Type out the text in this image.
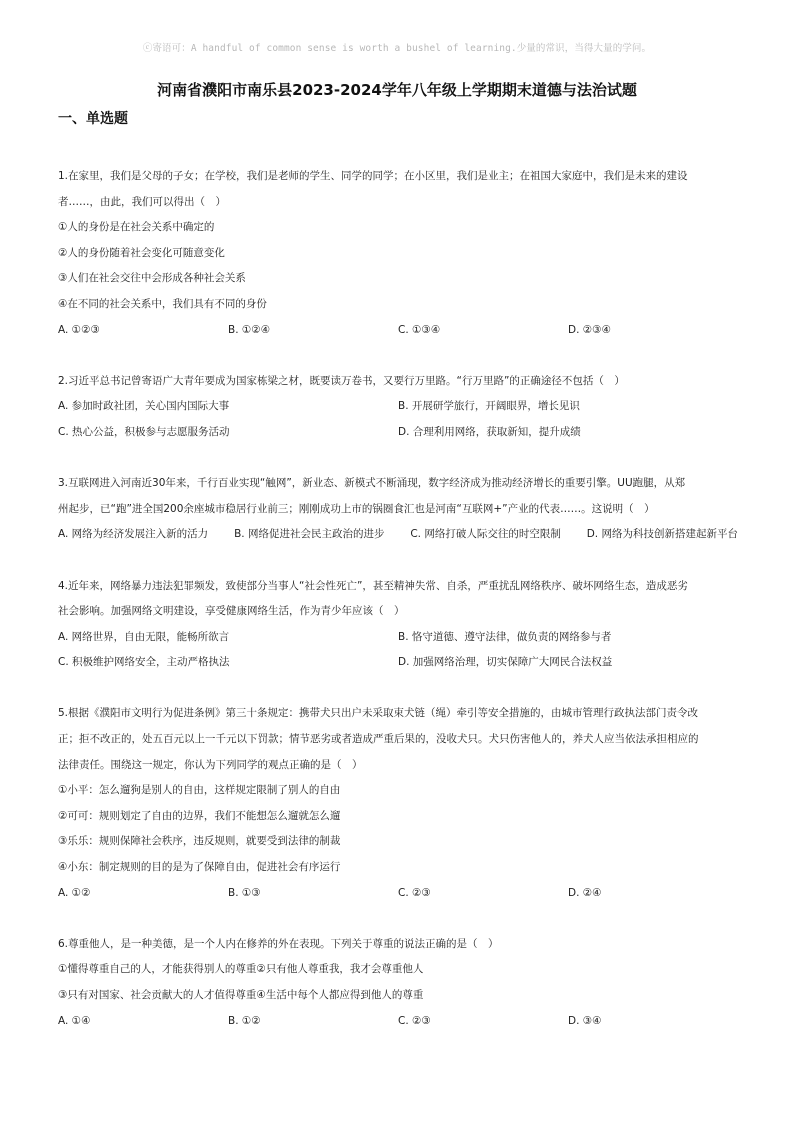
ⓒ寄语可：A handful of common sense is worth a bushel of learning.少量的常识，当得大量的学问。
河南省濮阳市南乐县2023-2024学年八年级上学期期末道德与法治试题
一、单选题

1.在家里，我们是父母的子女；在学校，我们是老师的学生、同学的同学；在小区里，我们是业主；在祖国大家庭中，我们是未来的建设

者……，由此，我们可以得出（　）

①人的身份是在社会关系中确定的

②人的身份随着社会变化可随意变化

③人们在社会交往中会形成各种社会关系

④在不同的社会关系中，我们具有不同的身份

A. ①②③	B. ①②④	C. ①③④	D. ②③④

2.习近平总书记曾寄语广大青年要成为国家栋梁之材，既要读万卷书，又要行万里路。“行万里路”的正确途径不包括（　）

A. 参加时政社团，关心国内国际大事	B. 开展研学旅行，开阔眼界，增长见识
C. 热心公益，积极参与志愿服务活动	D. 合理利用网络，获取新知，提升成绩

3.互联网进入河南近30年来，千行百业实现“触网”，新业态、新模式不断涌现，数字经济成为推动经济增长的重要引擎。UU跑腿，从郑

州起步，已“跑”进全国200余座城市稳居行业前三；刚刚成功上市的锅圈食汇也是河南“互联网+”产业的代表……。这说明（　）

A. 网络为经济发展注入新的活力 B. 网络促进社会民主政治的进步 C. 网络打破人际交往的时空限制 D. 网络为科技创新搭建起新平台

4.近年来，网络暴力违法犯罪频发，致使部分当事人“社会性死亡”，甚至精神失常、自杀，严重扰乱网络秩序、破坏网络生态，造成恶劣

社会影响。加强网络文明建设，享受健康网络生活，作为青少年应该（　）

A. 网络世界，自由无限，能畅所欲言	B. 恪守道德、遵守法律，做负责的网络参与者
C. 积极维护网络安全，主动严格执法	D. 加强网络治理，切实保障广大网民合法权益

5.根据《濮阳市文明行为促进条例》第三十条规定：携带犬只出户未采取束犬链（绳）牵引等安全措施的，由城市管理行政执法部门责令改

正；拒不改正的，处五百元以上一千元以下罚款；情节恶劣或者造成严重后果的，没收犬只。犬只伤害他人的，养犬人应当依法承担相应的

法律责任。围绕这一规定，你认为下列同学的观点正确的是（　）

①小平：怎么遛狗是别人的自由，这样规定限制了别人的自由

②可可：规则划定了自由的边界，我们不能想怎么遛就怎么遛

③乐乐：规则保障社会秩序，违反规则，就要受到法律的制裁

④小东：制定规则的目的是为了保障自由，促进社会有序运行

A. ①②	B. ①③	C. ②③	D. ②④

6.尊重他人，是一种美德，是一个人内在修养的外在表现。下列关于尊重的说法正确的是（　）

①懂得尊重自己的人，才能获得别人的尊重②只有他人尊重我，我才会尊重他人

③只有对国家、社会贡献大的人才值得尊重④生活中每个人都应得到他人的尊重

A. ①④	B. ①②	C. ②③	D. ③④
